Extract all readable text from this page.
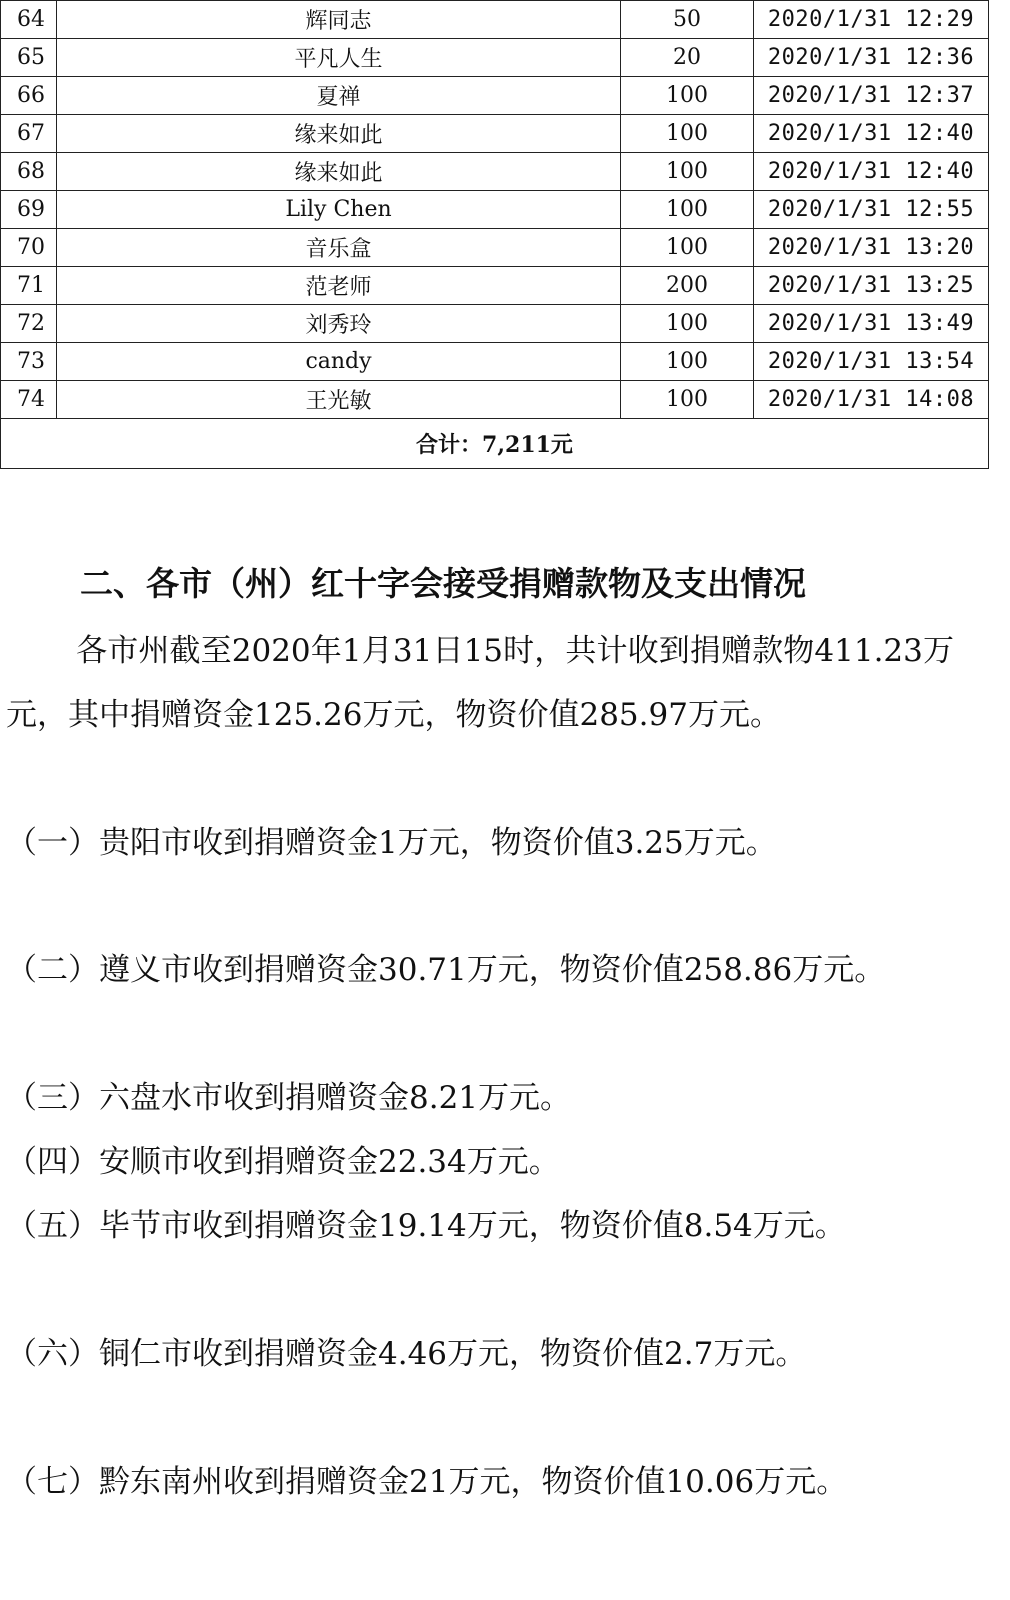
64	辉同志	50	2020/1/31 12:29
65	平凡人生	20	2020/1/31 12:36
66	夏禅	100	2020/1/31 12:37
67	缘来如此	100	2020/1/31 12:40
68	缘来如此	100	2020/1/31 12:40
69	Lily Chen	100	2020/1/31 12:55
70	音乐盒	100	2020/1/31 13:20
71	范老师	200	2020/1/31 13:25
72	刘秀玲	100	2020/1/31 13:49
73	candy	100	2020/1/31 13:54
74	王光敏	100	2020/1/31 14:08
合计：7,211元			
二、各市（州）红十字会接受捐赠款物及支出情况
各市州截至2020年1月31日15时，共计收到捐赠款物411.23万元，其中捐赠资金125.26万元，物资价值285.97万元。
（一）贵阳市收到捐赠资金1万元，物资价值3.25万元。
（二）遵义市收到捐赠资金30.71万元，物资价值258.86万元。
（三）六盘水市收到捐赠资金8.21万元。
（四）安顺市收到捐赠资金22.34万元。
（五）毕节市收到捐赠资金19.14万元，物资价值8.54万元。
（六）铜仁市收到捐赠资金4.46万元，物资价值2.7万元。
（七）黔东南州收到捐赠资金21万元，物资价值10.06万元。
